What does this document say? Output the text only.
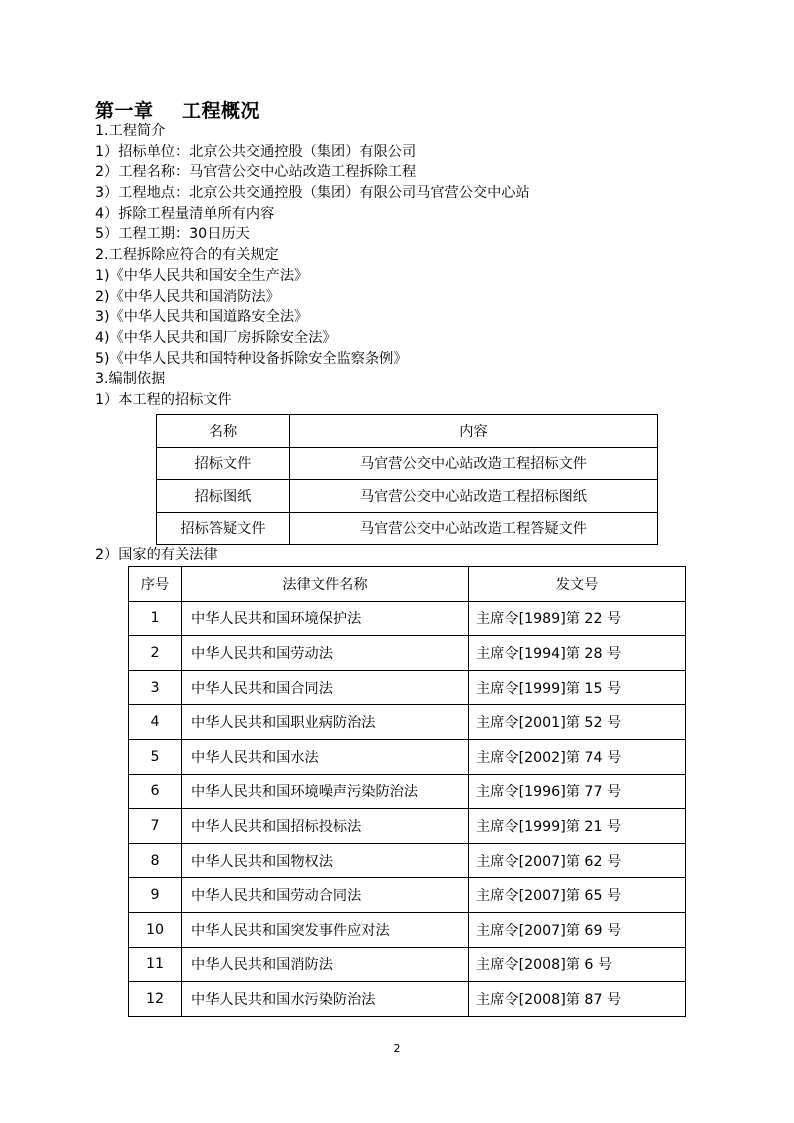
第一章    工程概况
1.工程简介
1）招标单位：北京公共交通控股（集团）有限公司
2）工程名称：马官营公交中心站改造工程拆除工程
3）工程地点：北京公共交通控股（集团）有限公司马官营公交中心站
4）拆除工程量清单所有内容
5）工程工期：30日历天
2.工程拆除应符合的有关规定
1)《中华人民共和国安全生产法》
2)《中华人民共和国消防法》
3)《中华人民共和国道路安全法》
4)《中华人民共和国厂房拆除安全法》
5)《中华人民共和国特种设备拆除安全监察条例》
3.编制依据
1）本工程的招标文件
名称	内容
招标文件	马官营公交中心站改造工程招标文件
招标图纸	马官营公交中心站改造工程招标图纸
招标答疑文件	马官营公交中心站改造工程答疑文件
2）国家的有关法律
序号	法律文件名称	发文号
1	中华人民共和国环境保护法	主席令[1989]第 22 号
2	中华人民共和国劳动法	主席令[1994]第 28 号
3	中华人民共和国合同法	主席令[1999]第 15 号
4	中华人民共和国职业病防治法	主席令[2001]第 52 号
5	中华人民共和国水法	主席令[2002]第 74 号
6	中华人民共和国环境噪声污染防治法	主席令[1996]第 77 号
7	中华人民共和国招标投标法	主席令[1999]第 21 号
8	中华人民共和国物权法	主席令[2007]第 62 号
9	中华人民共和国劳动合同法	主席令[2007]第 65 号
10	中华人民共和国突发事件应对法	主席令[2007]第 69 号
11	中华人民共和国消防法	主席令[2008]第 6 号
12	中华人民共和国水污染防治法	主席令[2008]第 87 号
2
